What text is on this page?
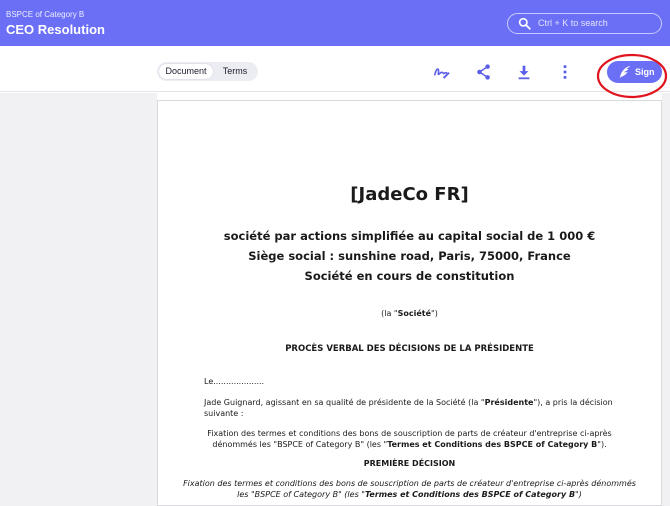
BSPCE of Category B
CEO Resolution	Ctrl + K to search
Document	Terms	Sign
[JadeCo FR]
société par actions simplifiée au capital social de 1 000 €
Siège social : sunshine road, Paris, 75000, France
Société en cours de constitution
(la "Société")
PROCÈS VERBAL DES DÉCISIONS DE LA PRÉSIDENTE
Le....................
Jade Guignard, agissant en sa qualité de présidente de la Société (la "Présidente"), a pris la décision
suivante :
Fixation des termes et conditions des bons de souscription de parts de créateur d'entreprise ci-après
dénommés les "BSPCE of Category B" (les "Termes et Conditions des BSPCE of Category B").
PREMIÈRE DÉCISION
Fixation des termes et conditions des bons de souscription de parts de créateur d'entreprise ci-après dénommés
les "BSPCE of Category B" (les "Termes et Conditions des BSPCE of Category B")
